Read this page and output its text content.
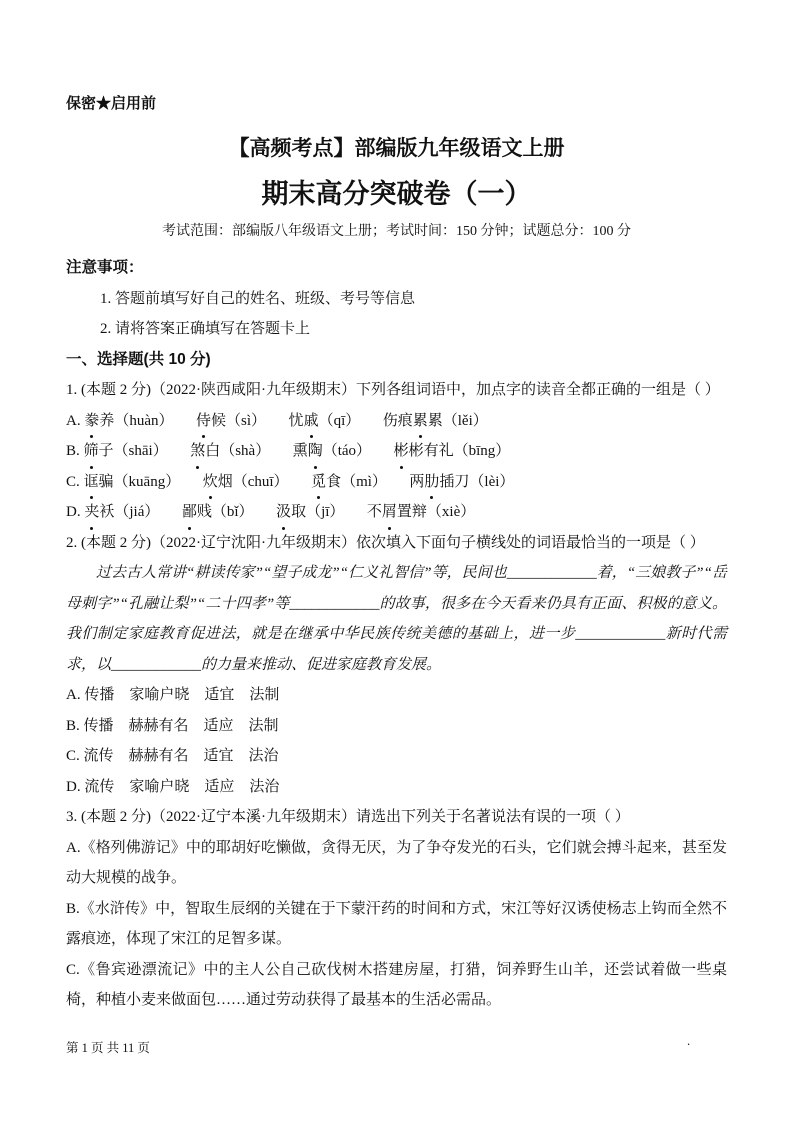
保密★启用前
【高频考点】部编版九年级语文上册
期末高分突破卷（一）
考试范围：部编版八年级语文上册；考试时间：150 分钟；试题总分：100 分
注意事项：
1. 答题前填写好自己的姓名、班级、考号等信息
2. 请将答案正确填写在答题卡上
一、选择题(共 10 分)
1. (本题 2 分)（2022·陕西咸阳·九年级期末）下列各组词语中，加点字的读音全都正确的一组是（ ）
A. 豢养（huàn）　　侍候（sì）　　忧戚（qī）　　伤痕累累（lěi）
B. 筛子（shāi）　　煞白（shà）　　熏陶（táo）　　彬彬有礼（bīng）
C. 诓骗（kuāng）　　炊烟（chuī）　　觅食（mì）　　两肋插刀（lèi）
D. 夹袄（jiá）　　鄙贱（bǐ）　　汲取（jī）　　不屑置辩（xiè）
2. (本题 2 分)（2022·辽宁沈阳·九年级期末）依次填入下面句子横线处的词语最恰当的一项是（ ）
过去古人常讲“耕读传家”“望子成龙”“仁义礼智信”等，民间也____________着，“三娘教子”“岳母刺字”“孔融让梨”“二十四孝”等____________的故事，很多在今天看来仍具有正面、积极的意义。我们制定家庭教育促进法，就是在继承中华民族传统美德的基础上，进一步____________新时代需求，以____________的力量来推动、促进家庭教育发展。
A. 传播　家喻户晓　适宜　法制
B. 传播　赫赫有名　适应　法制
C. 流传　赫赫有名　适宜　法治
D. 流传　家喻户晓　适应　法治
3. (本题 2 分)（2022·辽宁本溪·九年级期末）请选出下列关于名著说法有误的一项（ ）
A.《格列佛游记》中的耶胡好吃懒做，贪得无厌，为了争夺发光的石头，它们就会搏斗起来，甚至发动大规模的战争。
B.《水浒传》中，智取生辰纲的关键在于下蒙汗药的时间和方式，宋江等好汉诱使杨志上钩而全然不露痕迹，体现了宋江的足智多谋。
C.《鲁宾逊漂流记》中的主人公自己砍伐树木搭建房屋，打猎，饲养野生山羊，还尝试着做一些桌椅，种植小麦来做面包……通过劳动获得了最基本的生活必需品。
第 1 页 共 11 页	.
